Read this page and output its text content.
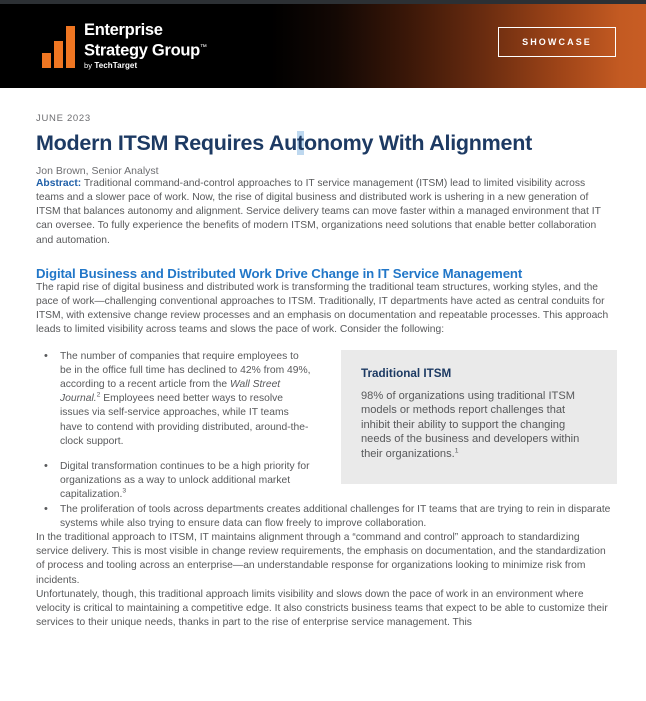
Enterprise
Strategy Group™
by TechTarget
SHOWCASE
JUNE 2023
Modern ITSM Requires Autonomy With Alignment
Jon Brown, Senior Analyst

Abstract: Traditional command-and-control approaches to IT service management (ITSM) lead to limited visibility across teams and a slower pace of work. Now, the rise of digital business and distributed work is ushering in a new generation of ITSM that balances autonomy and alignment. Service delivery teams can move faster within a managed environment that IT can oversee. To fully experience the benefits of modern ITSM, organizations need solutions that enable better collaboration and automation.

Digital Business and Distributed Work Drive Change in IT Service Management

The rapid rise of digital business and distributed work is transforming the traditional team structures, working styles, and the pace of work—challenging conventional approaches to ITSM. Traditionally, IT departments have acted as central conduits for ITSM, with extensive change review processes and an emphasis on documentation and repeatable processes. This approach leads to limited visibility across teams and slows the pace of work. Consider the following:

• The number of companies that require employees to be in the office full time has declined to 42% from 49%, according to a recent article from the Wall Street Journal.$^2$ Employees need better ways to resolve issues via self-service approaches, while IT teams have to contend with providing distributed, around-the-clock support.
• Digital transformation continues to be a high priority for organizations as a way to unlock additional market capitalization.$^3$
Traditional ITSM
98% of organizations using traditional ITSM models or methods report challenges that inhibit their ability to support the changing needs of the business and developers within their organizations.$^1$
• The proliferation of tools across departments creates additional challenges for IT teams that are trying to rein in disparate systems while also trying to ensure data can flow freely to improve collaboration.

In the traditional approach to ITSM, IT maintains alignment through a “command and control” approach to standardizing service delivery. This is most visible in change review requirements, the emphasis on documentation, and the standardization of process and tooling across an enterprise—an understandable response for organizations looking to minimize risk from incidents.

Unfortunately, though, this traditional approach limits visibility and slows down the pace of work in an environment where velocity is critical to maintaining a competitive edge. It also constricts business teams that expect to be able to customize their services to their unique needs, thanks in part to the rise of enterprise service management. This
